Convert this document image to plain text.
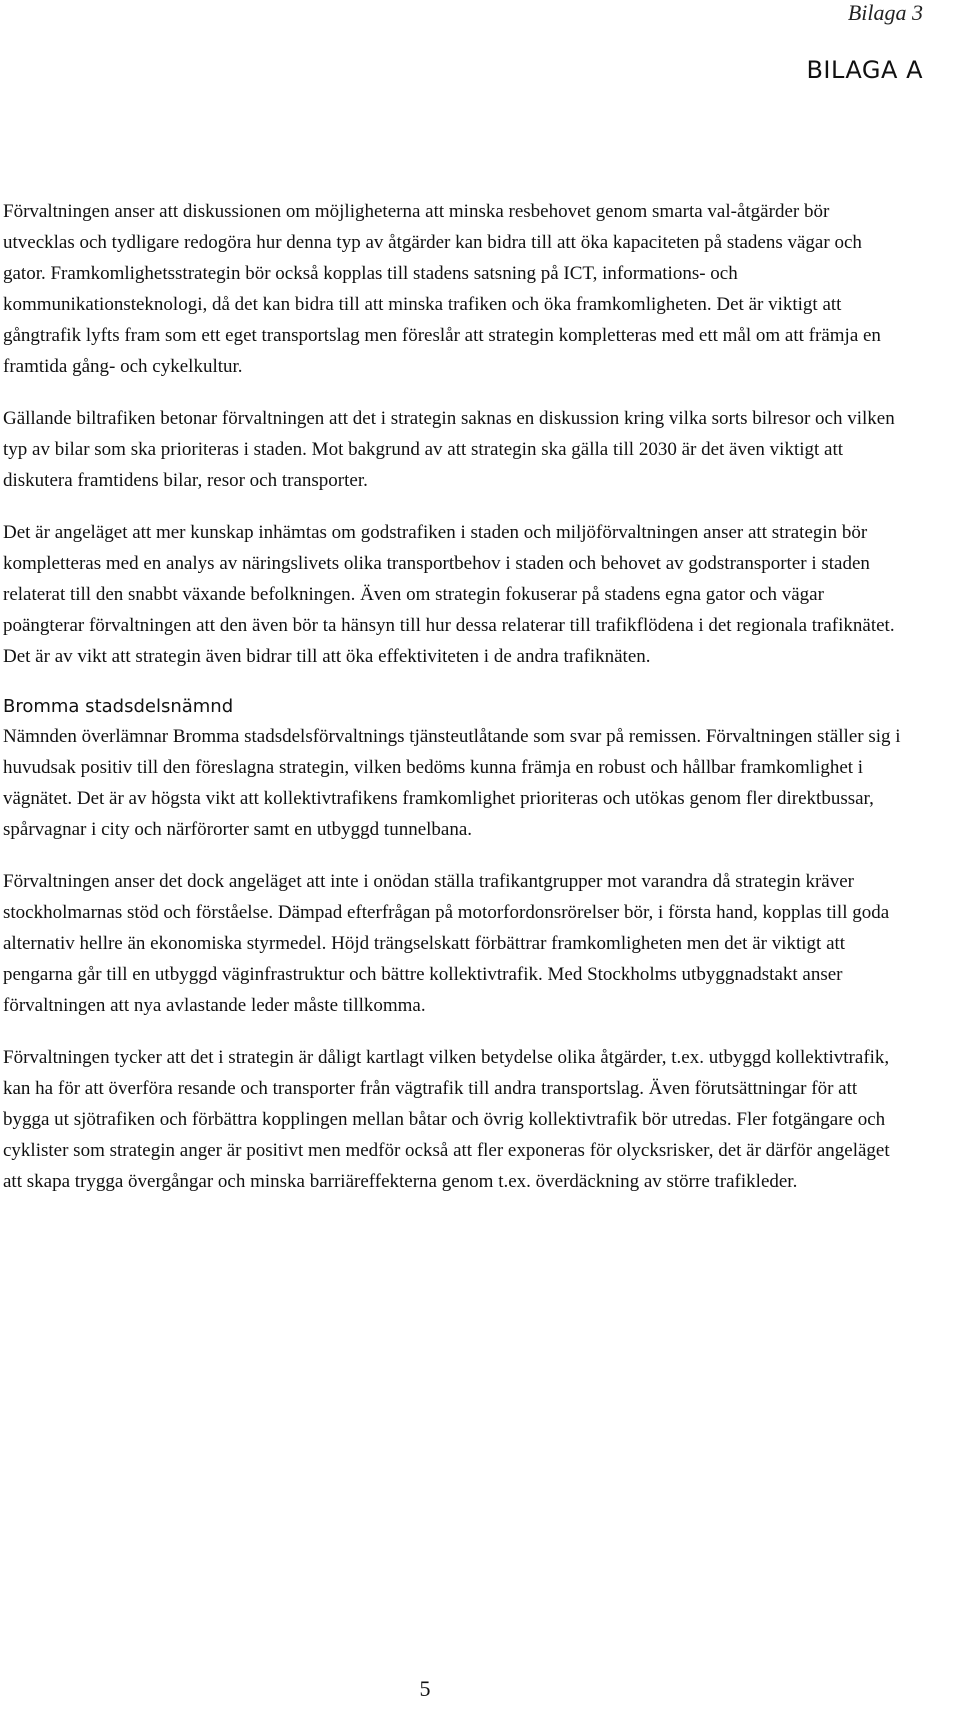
Bilaga 3
BILAGA A

Förvaltningen anser att diskussionen om möjligheterna att minska resbehovet genom smarta val-åtgärder bör utvecklas och tydligare redogöra hur denna typ av åtgärder kan bidra till att öka kapaciteten på stadens vägar och gator. Framkomlighetsstrategin bör också kopplas till stadens satsning på ICT, informations- och kommunikationsteknologi, då det kan bidra till att minska trafiken och öka framkomligheten. Det är viktigt att gångtrafik lyfts fram som ett eget transportslag men föreslår att strategin kompletteras med ett mål om att främja en framtida gång- och cykelkultur.

Gällande biltrafiken betonar förvaltningen att det i strategin saknas en diskussion kring vilka sorts bilresor och vilken typ av bilar som ska prioriteras i staden. Mot bakgrund av att strategin ska gälla till 2030 är det även viktigt att diskutera framtidens bilar, resor och transporter.

Det är angeläget att mer kunskap inhämtas om godstrafiken i staden och miljöförvaltningen anser att strategin bör kompletteras med en analys av näringslivets olika transportbehov i staden och behovet av godstransporter i staden relaterat till den snabbt växande befolkningen. Även om strategin fokuserar på stadens egna gator och vägar poängterar förvaltningen att den även bör ta hänsyn till hur dessa relaterar till trafikflödena i det regionala trafiknätet. Det är av vikt att strategin även bidrar till att öka effektiviteten i de andra trafiknäten.

Bromma stadsdelsnämnd

Nämnden överlämnar Bromma stadsdelsförvaltnings tjänsteutlåtande som svar på remissen. Förvaltningen ställer sig i huvudsak positiv till den föreslagna strategin, vilken bedöms kunna främja en robust och hållbar framkomlighet i vägnätet. Det är av högsta vikt att kollektivtrafikens framkomlighet prioriteras och utökas genom fler direktbussar, spårvagnar i city och närförorter samt en utbyggd tunnelbana.

Förvaltningen anser det dock angeläget att inte i onödan ställa trafikantgrupper mot varandra då strategin kräver stockholmarnas stöd och förståelse. Dämpad efterfrågan på motorfordonsrörelser bör, i första hand, kopplas till goda alternativ hellre än ekonomiska styrmedel. Höjd trängselskatt förbättrar framkomligheten men det är viktigt att pengarna går till en utbyggd väginfrastruktur och bättre kollektivtrafik. Med Stockholms utbyggnadstakt anser förvaltningen att nya avlastande leder måste tillkomma.

Förvaltningen tycker att det i strategin är dåligt kartlagt vilken betydelse olika åtgärder, t.ex. utbyggd kollektivtrafik, kan ha för att överföra resande och transporter från vägtrafik till andra transportslag. Även förutsättningar för att bygga ut sjötrafiken och förbättra kopplingen mellan båtar och övrig kollektivtrafik bör utredas. Fler fotgängare och cyklister som strategin anger är positivt men medför också att fler exponeras för olycksrisker, det är därför angeläget att skapa trygga övergångar och minska barriäreffekterna genom t.ex. överdäckning av större trafikleder.

5
